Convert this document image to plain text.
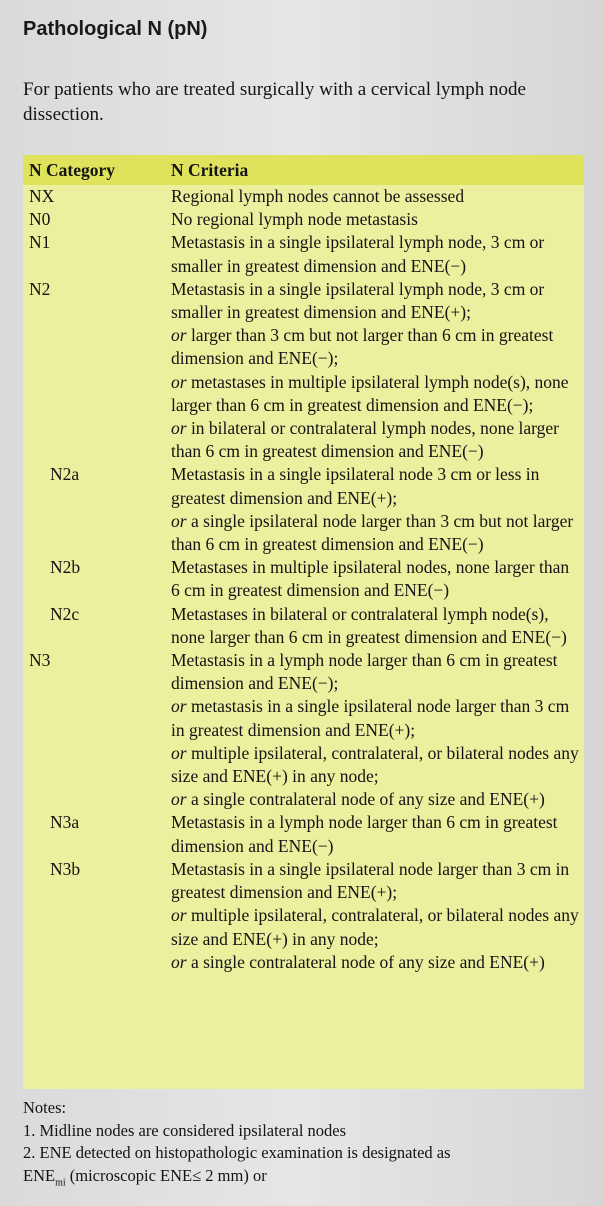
Pathological N (pN)
For patients who are treated surgically with a cervical lymph node dissection.
N Category	N Criteria
NX	Regional lymph nodes cannot be assessed
N0	No regional lymph node metastasis
N1	Metastasis in a single ipsilateral lymph node, 3 cm or smaller in greatest dimension and ENE(−)
N2	Metastasis in a single ipsilateral lymph node, 3 cm or smaller in greatest dimension and ENE(+);
or larger than 3 cm but not larger than 6 cm in greatest dimension and ENE(−);
or metastases in multiple ipsilateral lymph node(s), none larger than 6 cm in greatest dimension and ENE(−);
or in bilateral or contralateral lymph nodes, none larger than 6 cm in greatest dimension and ENE(−)
N2a	Metastasis in a single ipsilateral node 3 cm or less in greatest dimension and ENE(+);
or a single ipsilateral node larger than 3 cm but not larger than 6 cm in greatest dimension and ENE(−)
N2b	Metastases in multiple ipsilateral nodes, none larger than 6 cm in greatest dimension and ENE(−)
N2c	Metastases in bilateral or contralateral lymph node(s), none larger than 6 cm in greatest dimension and ENE(−)
N3	Metastasis in a lymph node larger than 6 cm in greatest dimension and ENE(−);
or metastasis in a single ipsilateral node larger than 3 cm in greatest dimension and ENE(+);
or multiple ipsilateral, contralateral, or bilateral nodes any size and ENE(+) in any node;
or a single contralateral node of any size and ENE(+)
N3a	Metastasis in a lymph node larger than 6 cm in greatest dimension and ENE(−)
N3b	Metastasis in a single ipsilateral node larger than 3 cm in greatest dimension and ENE(+);
or multiple ipsilateral, contralateral, or bilateral nodes any size and ENE(+) in any node;
or a single contralateral node of any size and ENE(+)
Notes:
1. Midline nodes are considered ipsilateral nodes
2. ENE detected on histopathologic examination is designated as
$ENE_{mi}$ (microscopic ENE≤ 2 mm) or
